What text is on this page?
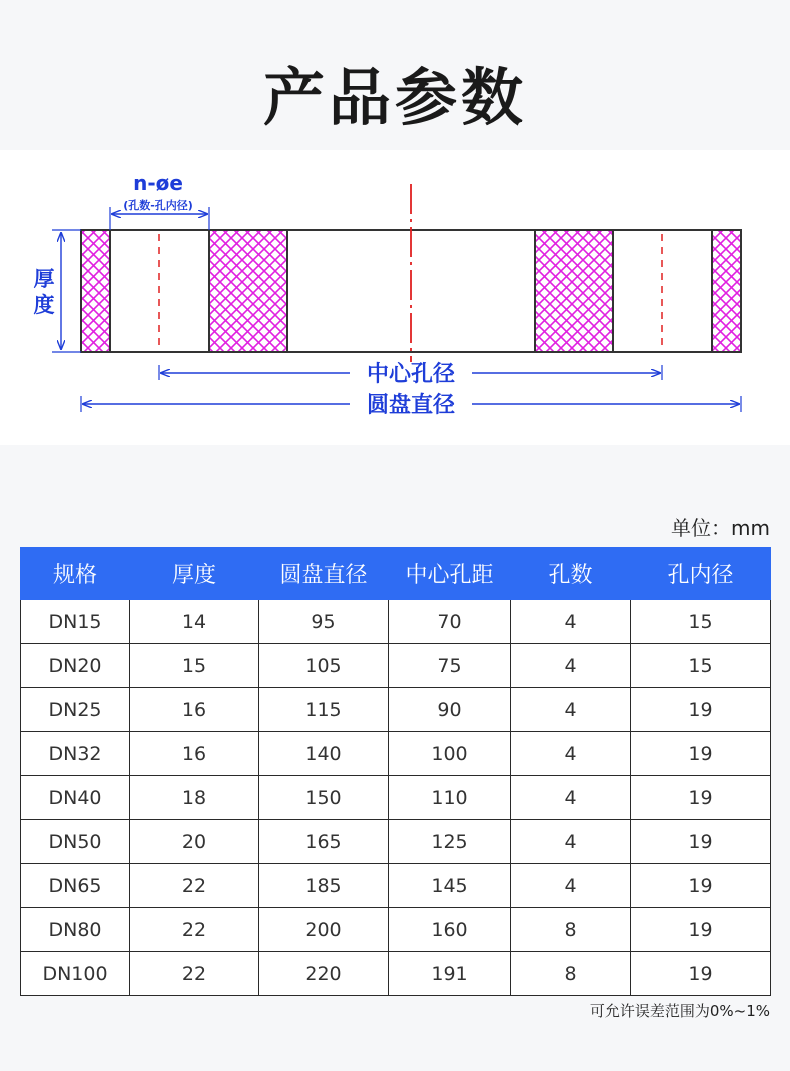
产品参数
n-øe
(孔数-孔内径)
厚
度
中心孔径
圆盘直径
单位：mm
规格	厚度	圆盘直径	中心孔距	孔数	孔内径
DN15	14	95	70	4	15
DN20	15	105	75	4	15
DN25	16	115	90	4	19
DN32	16	140	100	4	19
DN40	18	150	110	4	19
DN50	20	165	125	4	19
DN65	22	185	145	4	19
DN80	22	200	160	8	19
DN100	22	220	191	8	19
可允许误差范围为0%~1%
